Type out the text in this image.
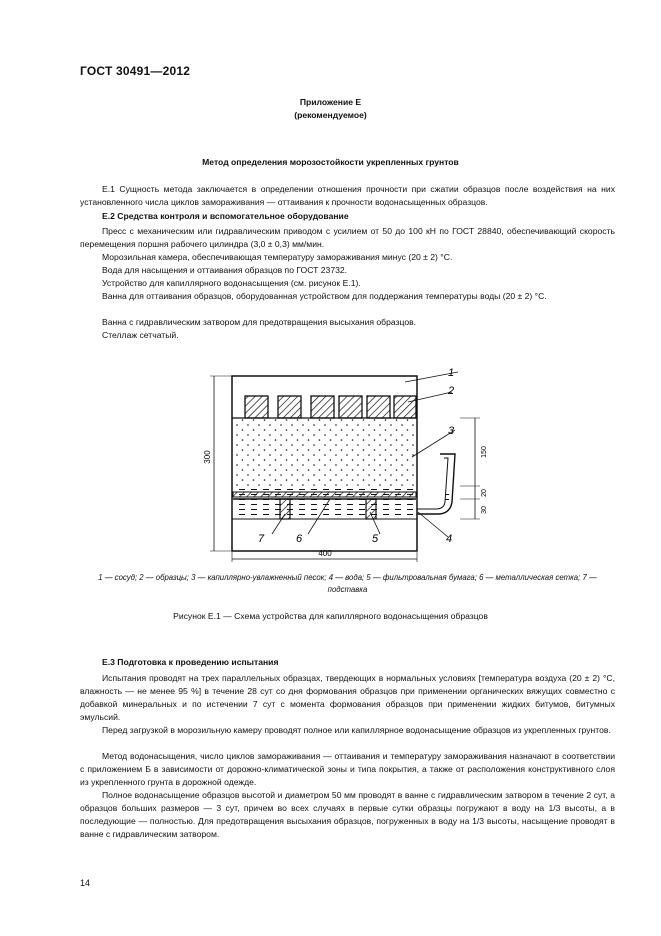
ГОСТ 30491—2012
Приложение Е
(рекомендуемое)
Метод определения морозостойкости укрепленных грунтов
Е.1 Сущность метода заключается в определении отношения прочности при сжатии образцов после воздействия на них установленного числа циклов замораживания — оттаивания к прочности водонасыщенных образцов.
Е.2 Средства контроля и вспомогательное оборудование
Пресс с механическим или гидравлическим приводом с усилием от 50 до 100 кН по ГОСТ 28840, обеспечивающий скорость перемещения поршня рабочего цилиндра (3,0 ± 0,3) мм/мин.
Морозильная камера, обеспечивающая температуру замораживания минус (20 ± 2) °С.
Вода для насыщения и оттаивания образцов по ГОСТ 23732.
Устройство для капиллярного водонасыщения (см. рисунок Е.1).
Ванна для оттаивания образцов, оборудованная устройством для поддержания температуры воды (20 ± 2) °С.
Ванна с гидравлическим затвором для предотвращения высыхания образцов.
Стеллаж сетчатый.
300
400
150
20
30
1
2
3
4
5
6
7
1 — сосуд; 2 — образцы; 3 — капиллярно-увлажненный песок; 4 — вода; 5 — фильтровальная бумага; 6 — металлическая сетка; 7 — подставка
Рисунок Е.1 — Схема устройства для капиллярного водонасыщения образцов
Е.3 Подготовка к проведению испытания
Испытания проводят на трех параллельных образцах, твердеющих в нормальных условиях [температура воздуха (20 ± 2) °С, влажность — не менее 95 %] в течение 28 сут со дня формования образцов при применении органических вяжущих совместно с добавкой минеральных и по истечении 7 сут с момента формования образцов при применении жидких битумов, битумных эмульсий.
Перед загрузкой в морозильную камеру проводят полное или капиллярное водонасыщение образцов из укрепленных грунтов.
Метод водонасыщения, число циклов замораживания — оттаивания и температуру замораживания назначают в соответствии с приложением Б в зависимости от дорожно-климатической зоны и типа покрытия, а также от расположения конструктивного слоя из укрепленного грунта в дорожной одежде.
Полное водонасыщение образцов высотой и диаметром 50 мм проводят в ванне с гидравлическим затвором в течение 2 сут, а образцов больших размеров — 3 сут, причем во всех случаях в первые сутки образцы погружают в воду на 1/3 высоты, а в последующие — полностью. Для предотвращения высыхания образцов, погруженных в воду на 1/3 высоты, насыщение проводят в ванне с гидравлическим затвором.
14
